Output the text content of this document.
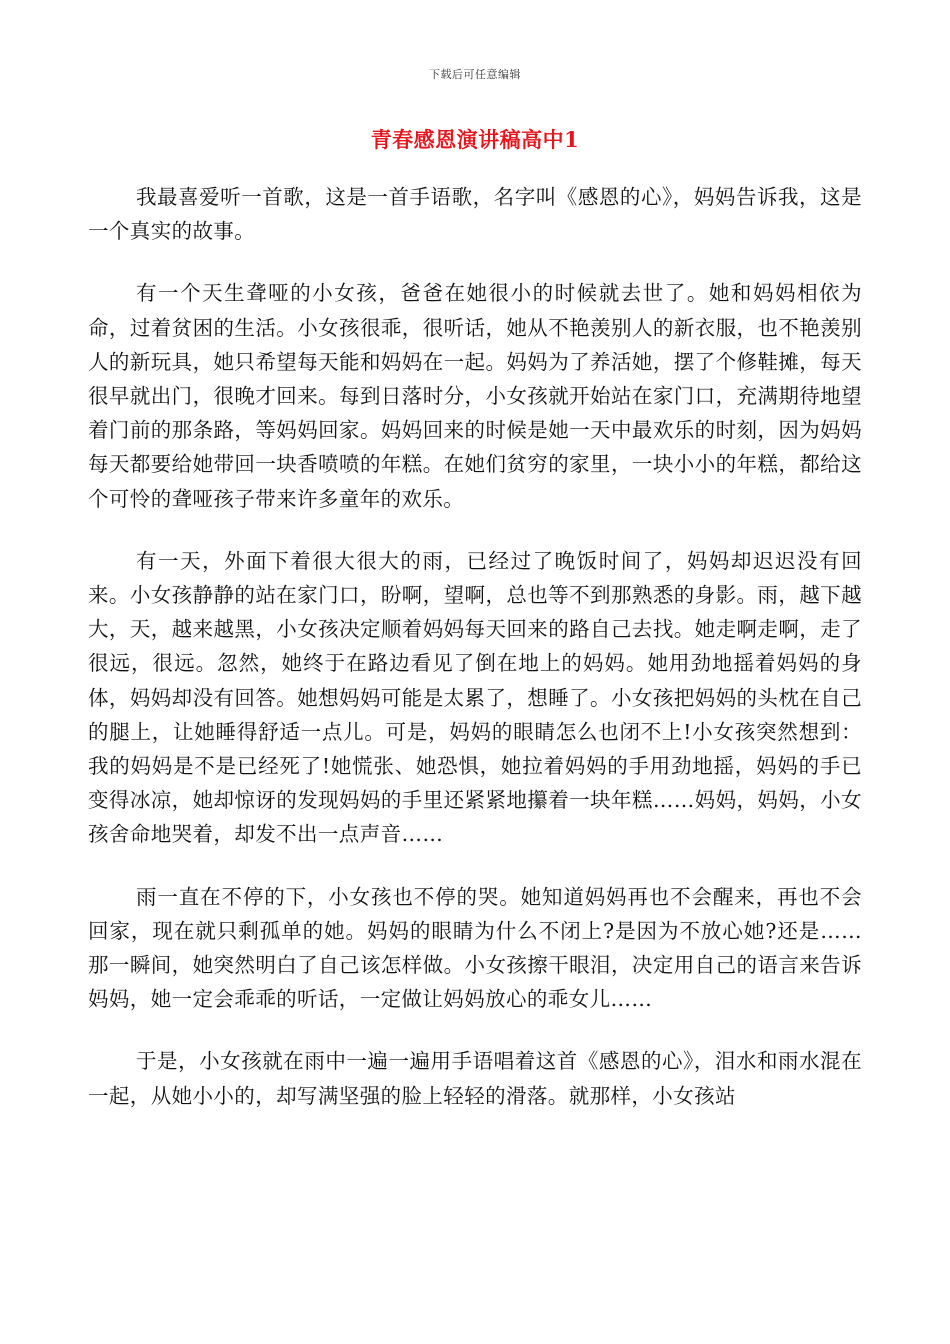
下载后可任意编辑
青春感恩演讲稿高中1

我最喜爱听一首歌，这是一首手语歌，名字叫《感恩的心》，妈妈告诉我，这是一个真实的故事。

有一个天生聋哑的小女孩，爸爸在她很小的时候就去世了。她和妈妈相依为命，过着贫困的生活。小女孩很乖，很听话，她从不艳羡别人的新衣服，也不艳羡别人的新玩具，她只希望每天能和妈妈在一起。妈妈为了养活她，摆了个修鞋摊，每天很早就出门，很晚才回来。每到日落时分，小女孩就开始站在家门口，充满期待地望着门前的那条路，等妈妈回家。妈妈回来的时候是她一天中最欢乐的时刻，因为妈妈每天都要给她带回一块香喷喷的年糕。在她们贫穷的家里，一块小小的年糕，都给这个可怜的聋哑孩子带来许多童年的欢乐。

有一天，外面下着很大很大的雨，已经过了晚饭时间了，妈妈却迟迟没有回来。小女孩静静的站在家门口，盼啊，望啊，总也等不到那熟悉的身影。雨，越下越大，天，越来越黑，小女孩决定顺着妈妈每天回来的路自己去找。她走啊走啊，走了很远，很远。忽然，她终于在路边看见了倒在地上的妈妈。她用劲地摇着妈妈的身体，妈妈却没有回答。她想妈妈可能是太累了，想睡了。小女孩把妈妈的头枕在自己的腿上，让她睡得舒适一点儿。可是，妈妈的眼睛怎么也闭不上!小女孩突然想到：我的妈妈是不是已经死了!她慌张、她恐惧，她拉着妈妈的手用劲地摇，妈妈的手已变得冰凉，她却惊讶的发现妈妈的手里还紧紧地攥着一块年糕……妈妈，妈妈，小女孩舍命地哭着，却发不出一点声音……

雨一直在不停的下，小女孩也不停的哭。她知道妈妈再也不会醒来，再也不会回家，现在就只剩孤单的她。妈妈的眼睛为什么不闭上?是因为不放心她?还是……那一瞬间，她突然明白了自己该怎样做。小女孩擦干眼泪，决定用自己的语言来告诉妈妈，她一定会乖乖的听话，一定做让妈妈放心的乖女儿……

于是，小女孩就在雨中一遍一遍用手语唱着这首《感恩的心》，泪水和雨水混在一起，从她小小的，却写满坚强的脸上轻轻的滑落。就那样，小女孩站
